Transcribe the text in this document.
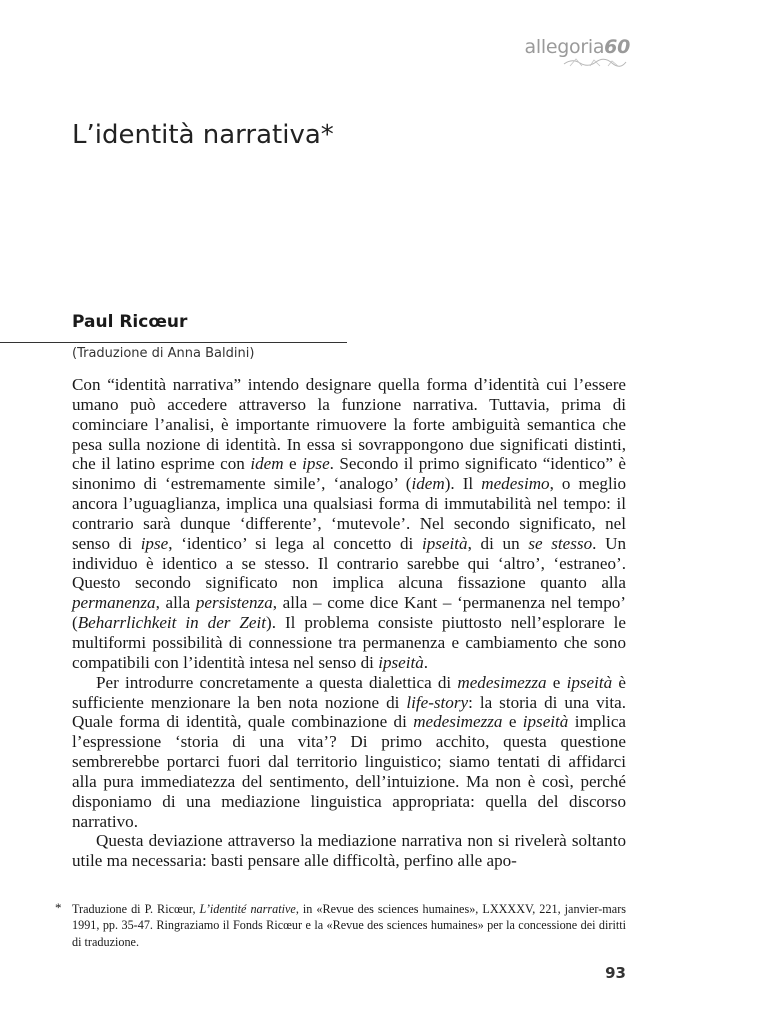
allegoria60
L’identità narrativa*
Paul Ricœur
(Traduzione di Anna Baldini)

Con “identità narrativa” intendo designare quella forma d’identità cui l’essere umano può accedere attraverso la funzione narrativa. Tuttavia, prima di cominciare l’analisi, è importante rimuovere la forte ambiguità semantica che pesa sulla nozione di identità. In essa si sovrappongono due significati distinti, che il latino esprime con idem e ipse. Secondo il primo significato “identico” è sinonimo di ‘estremamente simile’, ‘analogo’ (idem). Il medesimo, o meglio ancora l’uguaglianza, implica una qualsiasi forma di immutabilità nel tempo: il contrario sarà dunque ‘differente’, ‘mutevole’. Nel secondo significato, nel senso di ipse, ‘identico’ si lega al concetto di ipseità, di un se stesso. Un individuo è identico a se stesso. Il contrario sarebbe qui ‘altro’, ‘estraneo’. Questo secondo significato non implica alcuna fissazione quanto alla permanenza, alla persistenza, alla – come dice Kant – ‘permanenza nel tempo’ (Beharrlichkeit in der Zeit). Il problema consiste piuttosto nell’esplorare le multiformi possibilità di connessione tra permanenza e cambiamento che sono compatibili con l’identità intesa nel senso di ipseità.

Per introdurre concretamente a questa dialettica di medesimezza e ipseità è sufficiente menzionare la ben nota nozione di life-story: la storia di una vita. Quale forma di identità, quale combinazione di medesimezza e ipseità implica l’espressione ‘storia di una vita’? Di primo acchito, questa questione sembrerebbe portarci fuori dal territorio linguistico; siamo tentati di affidarci alla pura immediatezza del sentimento, dell’intuizione. Ma non è così, perché disponiamo di una mediazione linguistica appropriata: quella del discorso narrativo.

Questa deviazione attraverso la mediazione narrativa non si rivelerà soltanto utile ma necessaria: basti pensare alle difficoltà, perfino alle apo-

* Traduzione di P. Ricœur, L’identité narrative, in «Revue des sciences humaines», LXXXXV, 221, janvier-mars 1991, pp. 35-47. Ringraziamo il Fonds Ricœur e la «Revue des sciences humaines» per la concessione dei diritti di traduzione.
93
